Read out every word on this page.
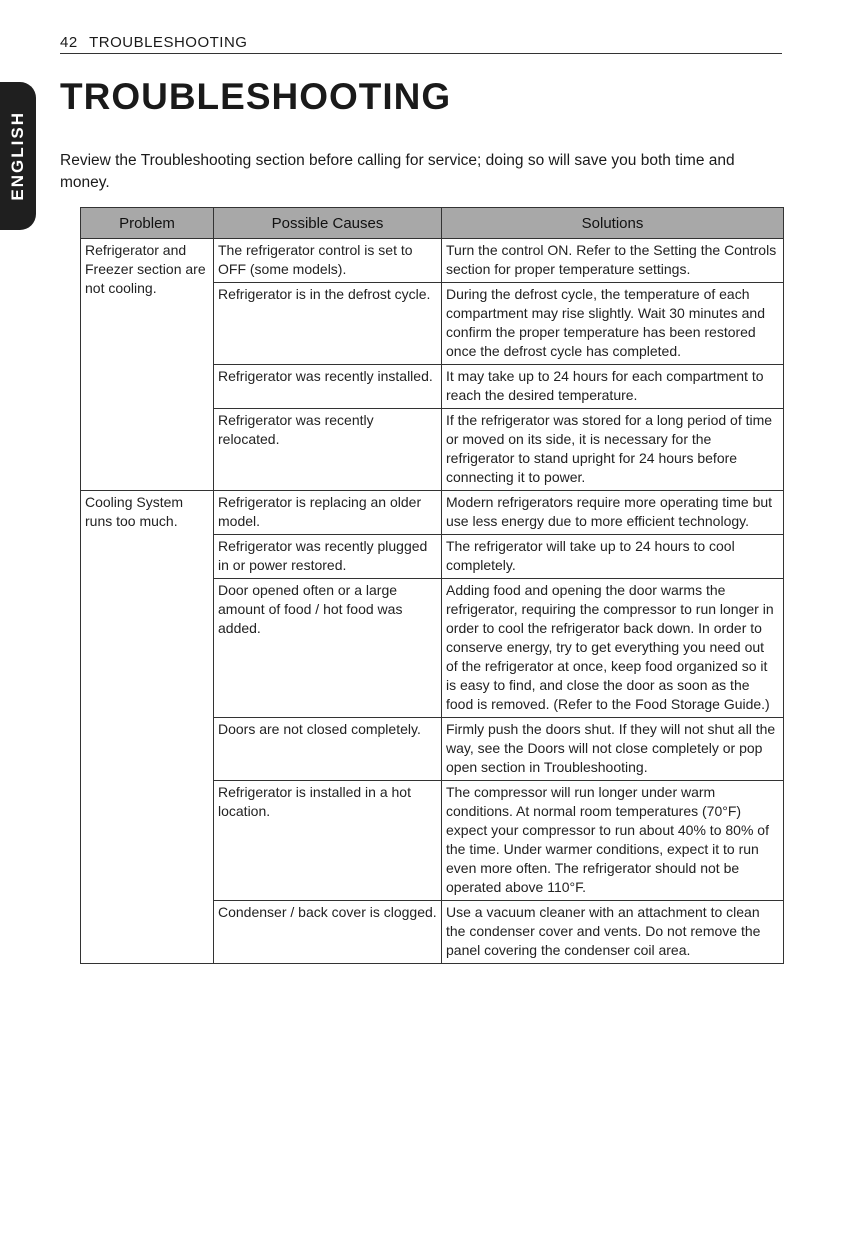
42 TROUBLESHOOTING
ENGLISH
TROUBLESHOOTING

Review the Troubleshooting section before calling for service; doing so will save you both time and money.

Problem	Possible Causes	Solutions
Refrigerator and Freezer section are not cooling.	The refrigerator control is set to OFF (some models).	Turn the control ON. Refer to the Setting the Controls section for proper temperature settings.
	Refrigerator is in the defrost cycle.	During the defrost cycle, the temperature of each compartment may rise slightly. Wait 30 minutes and confirm the proper temperature has been restored once the defrost cycle has completed.
	Refrigerator was recently installed.	It may take up to 24 hours for each compartment to reach the desired temperature.
	Refrigerator was recently relocated.	If the refrigerator was stored for a long period of time or moved on its side, it is necessary for the refrigerator to stand upright for 24 hours before connecting it to power.
Cooling System runs too much.	Refrigerator is replacing an older model.	Modern refrigerators require more operating time but use less energy due to more efficient technology.
	Refrigerator was recently plugged in or power restored.	The refrigerator will take up to 24 hours to cool completely.
	Door opened often or a large amount of food / hot food was added.	Adding food and opening the door warms the refrigerator, requiring the compressor to run longer in order to cool the refrigerator back down. In order to conserve energy, try to get everything you need out of the refrigerator at once, keep food organized so it is easy to find, and close the door as soon as the food is removed. (Refer to the Food Storage Guide.)
	Doors are not closed completely.	Firmly push the doors shut. If they will not shut all the way, see the Doors will not close completely or pop open section in Troubleshooting.
	Refrigerator is installed in a hot location.	The compressor will run longer under warm conditions. At normal room temperatures (70°F) expect your compressor to run about 40% to 80% of the time. Under warmer conditions, expect it to run even more often. The refrigerator should not be operated above 110°F.
	Condenser / back cover is clogged.	Use a vacuum cleaner with an attachment to clean the condenser cover and vents. Do not remove the panel covering the condenser coil area.
